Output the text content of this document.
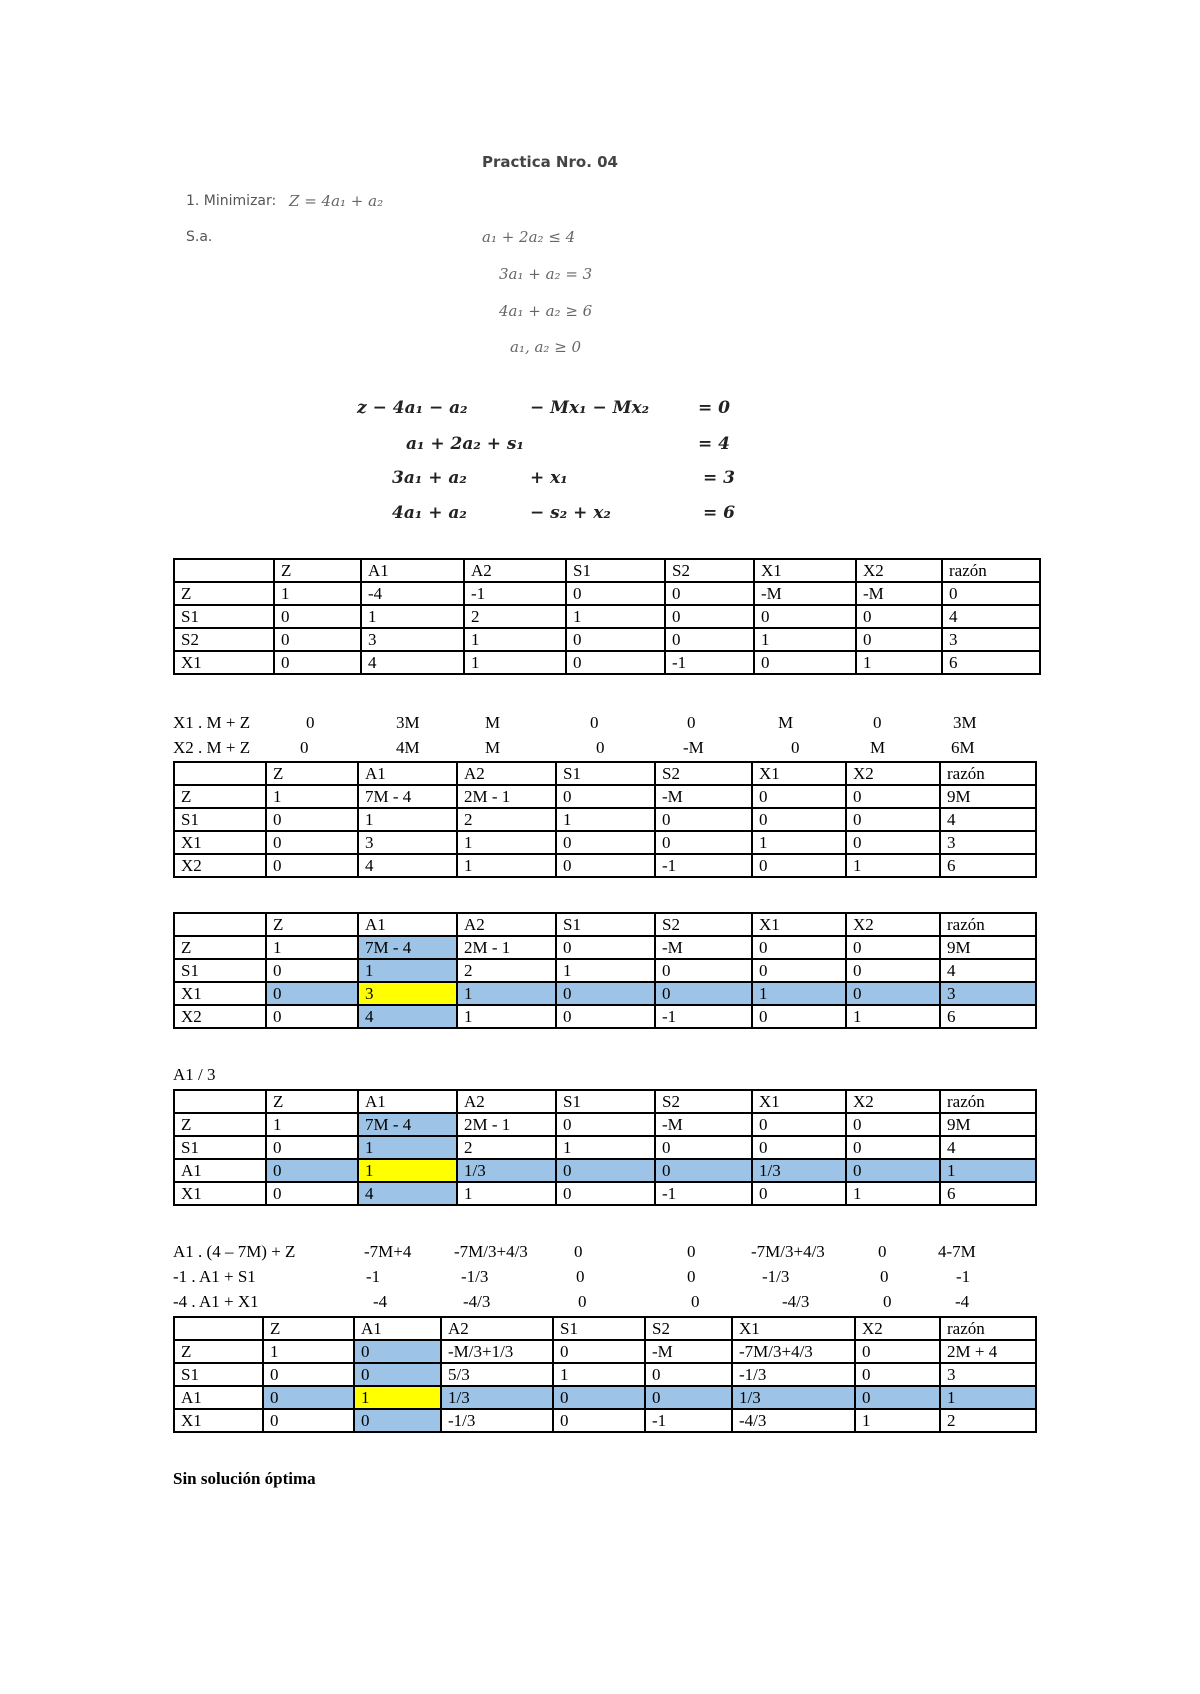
Practica Nro. 04
1. Minimizar: Z = 4a₁ + a₂
S.a.	a₁ + 2a₂ ≤ 4
3a₁ + a₂ = 3
4a₁ + a₂ ≥ 6
a₁, a₂ ≥ 0
z − 4a₁ − a₂	− Mx₁ − Mx₂	= 0
a₁ + 2a₂ + s₁	= 4
3a₁ + a₂	+ x₁	= 3
4a₁ + a₂	− s₂ + x₂	= 6
	Z	A1	A2	S1	S2	X1	X2	razón
Z	1	-4	-1	0	0	-M	-M	0
S1	0	1	2	1	0	0	0	4
S2	0	3	1	0	0	1	0	3
X1	0	4	1	0	-1	0	1	6
X1 . M + Z	0	3M	M	0	0	M	0	3M
X2 . M + Z	0	4M	M	0	-M	0	M	6M
	Z	A1	A2	S1	S2	X1	X2	razón
Z	1	7M - 4	2M - 1	0	-M	0	0	9M
S1	0	1	2	1	0	0	0	4
X1	0	3	1	0	0	1	0	3
X2	0	4	1	0	-1	0	1	6
	Z	A1	A2	S1	S2	X1	X2	razón
Z	1	7M - 4	2M - 1	0	-M	0	0	9M
S1	0	1	2	1	0	0	0	4
X1	0	3	1	0	0	1	0	3
X2	0	4	1	0	-1	0	1	6
A1 / 3
	Z	A1	A2	S1	S2	X1	X2	razón
Z	1	7M - 4	2M - 1	0	-M	0	0	9M
S1	0	1	2	1	0	0	0	4
A1	0	1	1/3	0	0	1/3	0	1
X1	0	4	1	0	-1	0	1	6
A1 . (4 – 7M) + Z	-7M+4	-7M/3+4/3	0	0	-7M/3+4/3	0	4-7M
-1 . A1 + S1	-1	-1/3	0	0	-1/3	0	-1
-4 . A1 + X1	-4	-4/3	0	0	-4/3	0	-4
	Z	A1	A2	S1	S2	X1	X2	razón
Z	1	0	-M/3+1/3	0	-M	-7M/3+4/3	0	2M + 4
S1	0	0	5/3	1	0	-1/3	0	3
A1	0	1	1/3	0	0	1/3	0	1
X1	0	0	-1/3	0	-1	-4/3	1	2
Sin solución óptima
